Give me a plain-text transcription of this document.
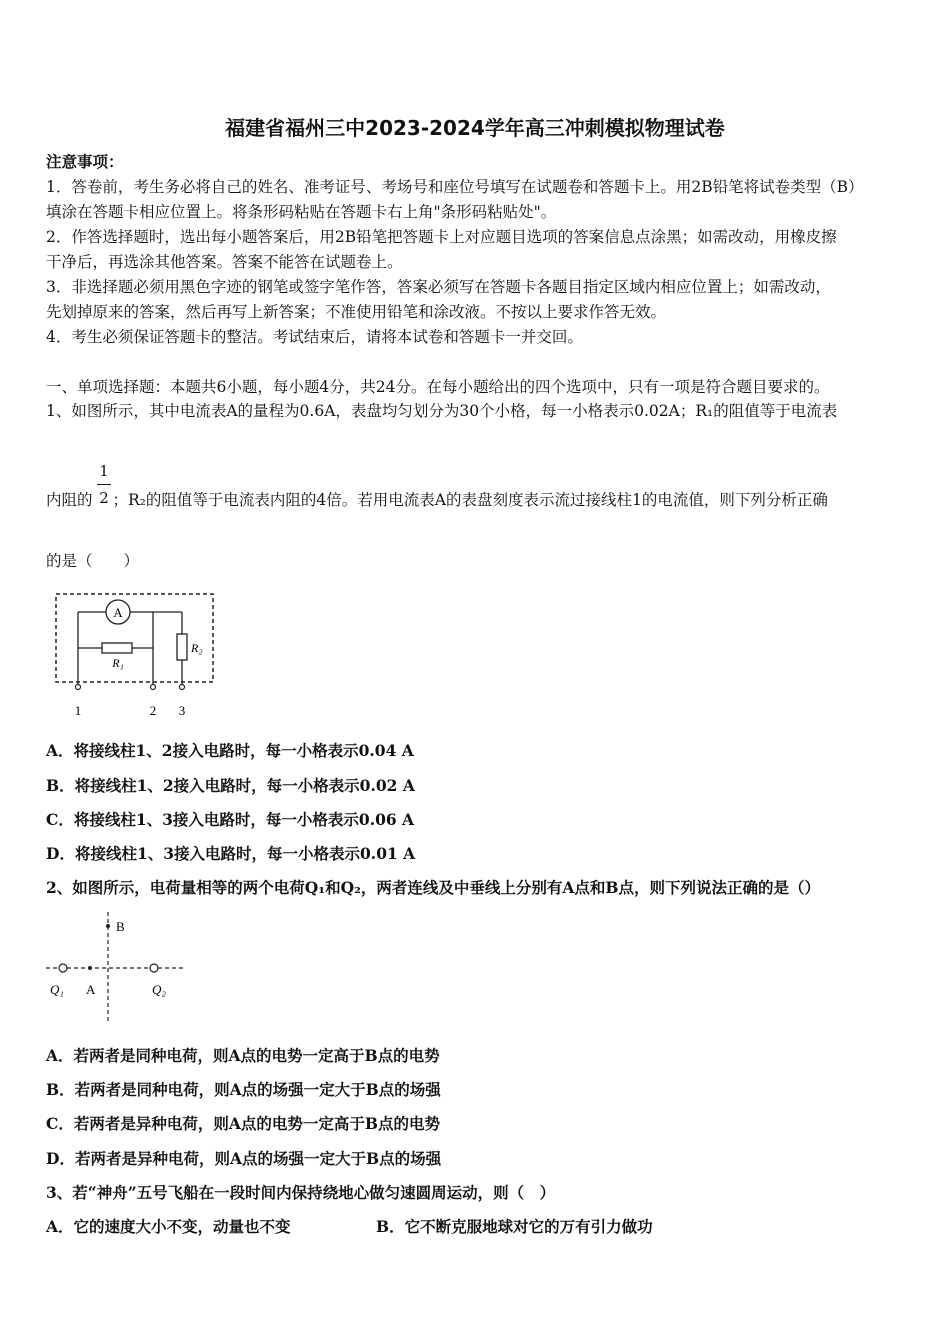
福建省福州三中2023-2024学年高三冲刺模拟物理试卷
注意事项：
1．答卷前，考生务必将自己的姓名、准考证号、考场号和座位号填写在试题卷和答题卡上。用2B铅笔将试卷类型（B）
填涂在答题卡相应位置上。将条形码粘贴在答题卡右上角"条形码粘贴处"。
2．作答选择题时，选出每小题答案后，用2B铅笔把答题卡上对应题目选项的答案信息点涂黑；如需改动，用橡皮擦
干净后，再选涂其他答案。答案不能答在试题卷上。
3．非选择题必须用黑色字迹的钢笔或签字笔作答，答案必须写在答题卡各题目指定区域内相应位置上；如需改动，
先划掉原来的答案，然后再写上新答案；不准使用铅笔和涂改液。不按以上要求作答无效。
4．考生必须保证答题卡的整洁。考试结束后，请将本试卷和答题卡一并交回。
一、单项选择题：本题共6小题，每小题4分，共24分。在每小题给出的四个选项中，只有一项是符合题目要求的。
1、如图所示，其中电流表A的量程为0.6A，表盘均匀划分为30个小格，每一小格表示0.02A；R₁的阻值等于电流表
内阻的 ；R₂的阻值等于电流表内阻的4倍。若用电流表A的表盘刻度表示流过接线柱1的电流值，则下列分析正确
1
2
的是（　　）
A
R₁
R₂
1	2 3
A．将接线柱1、2接入电路时，每一小格表示0.04 A
B．将接线柱1、2接入电路时，每一小格表示0.02 A
C．将接线柱1、3接入电路时，每一小格表示0.06 A
D．将接线柱1、3接入电路时，每一小格表示0.01 A
2、如图所示，电荷量相等的两个电荷Q₁和Q₂，两者连线及中垂线上分别有A点和B点，则下列说法正确的是（）
B
Q₁ A	Q₂
A．若两者是同种电荷，则A点的电势一定高于B点的电势
B．若两者是同种电荷，则A点的场强一定大于B点的场强
C．若两者是异种电荷，则A点的电势一定高于B点的电势
D．若两者是异种电荷，则A点的场强一定大于B点的场强
3、若“神舟”五号飞船在一段时间内保持绕地心做匀速圆周运动，则（　）
A．它的速度大小不变，动量也不变	B．它不断克服地球对它的万有引力做功
